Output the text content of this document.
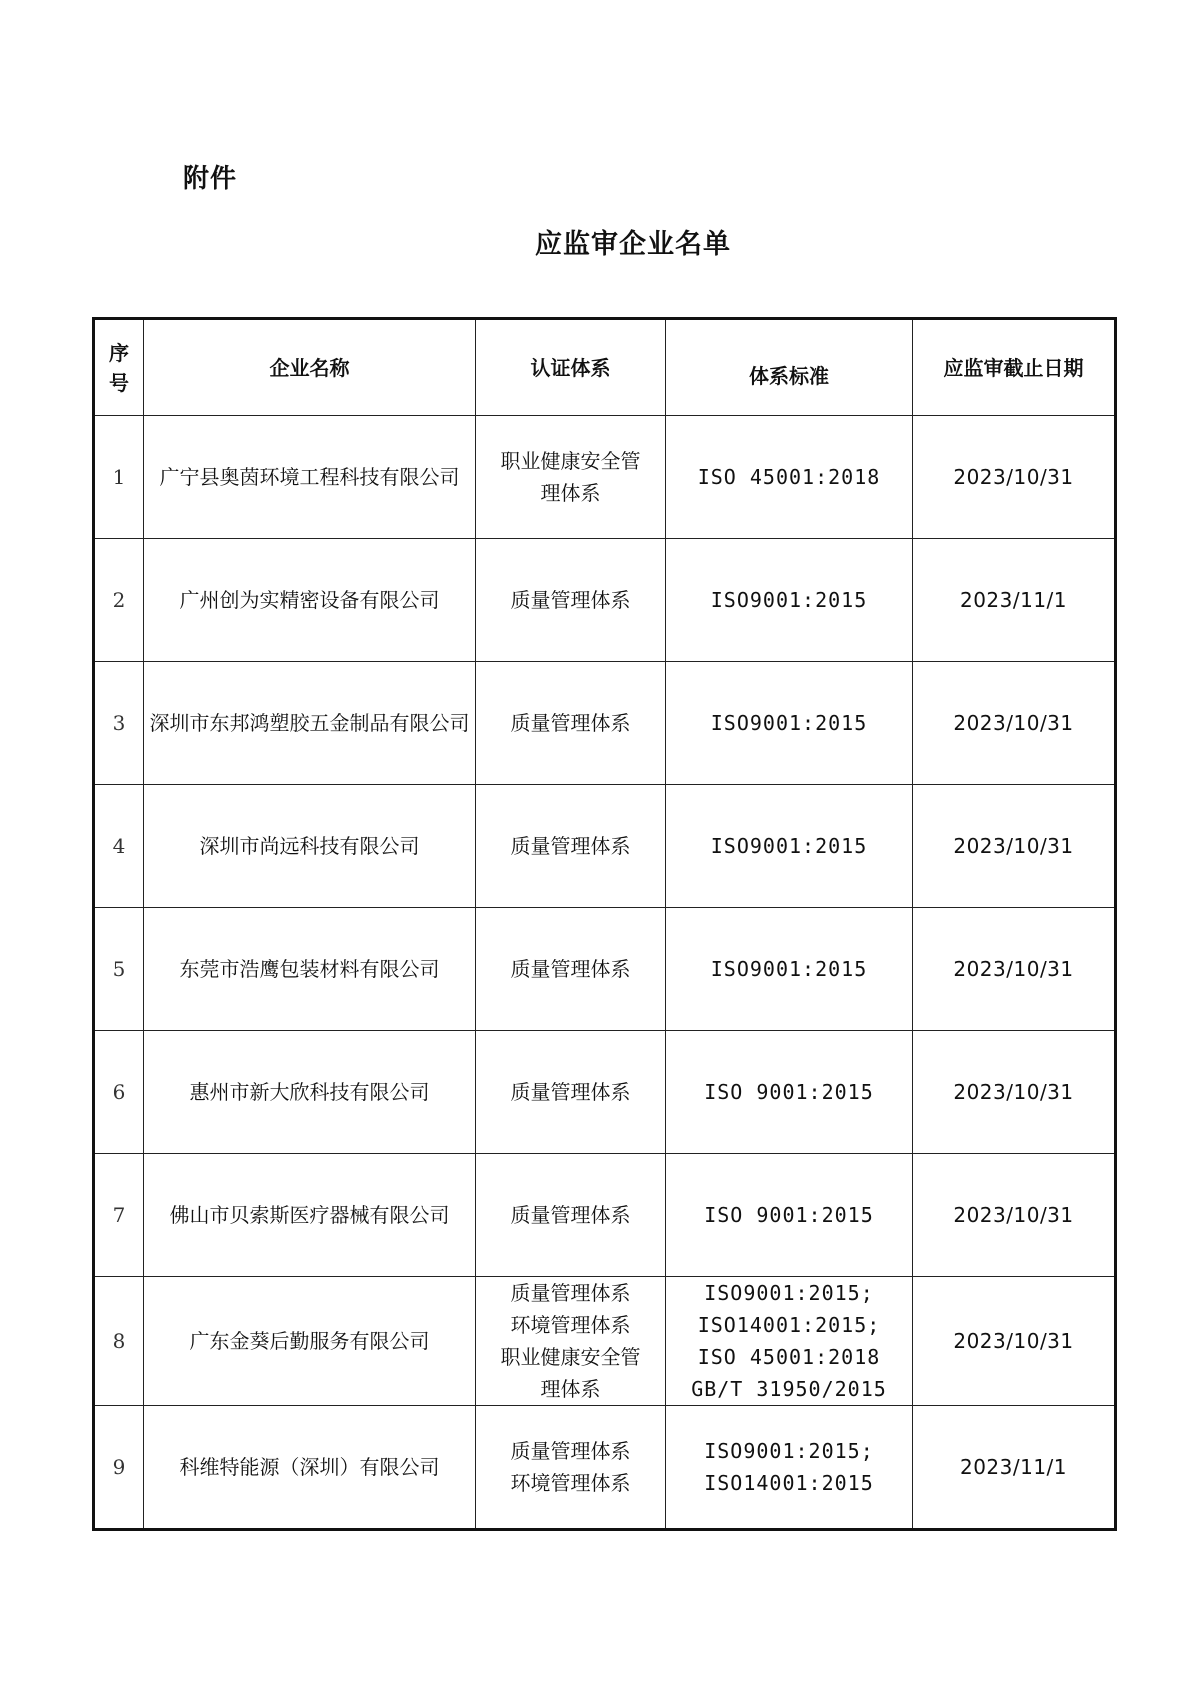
附件
应监审企业名单
序
号	企业名称	认证体系	体系标准	应监审截止日期
1	广宁县奥茵环境工程科技有限公司	职业健康安全管
理体系	ISO 45001:2018	2023/10/31
2	广州创为实精密设备有限公司	质量管理体系	ISO9001:2015	2023/11/1
3	深圳市东邦鸿塑胶五金制品有限公司	质量管理体系	ISO9001:2015	2023/10/31
4	深圳市尚远科技有限公司	质量管理体系	ISO9001:2015	2023/10/31
5	东莞市浩鹰包装材料有限公司	质量管理体系	ISO9001:2015	2023/10/31
6	惠州市新大欣科技有限公司	质量管理体系	ISO 9001:2015	2023/10/31
7	佛山市贝索斯医疗器械有限公司	质量管理体系	ISO 9001:2015	2023/10/31
8	广东金葵后勤服务有限公司	质量管理体系
环境管理体系
职业健康安全管
理体系	ISO9001:2015;
ISO14001:2015;
ISO 45001:2018
GB/T 31950/2015	2023/10/31
9	科维特能源（深圳）有限公司	质量管理体系
环境管理体系	ISO9001:2015;
ISO14001:2015	2023/11/1
